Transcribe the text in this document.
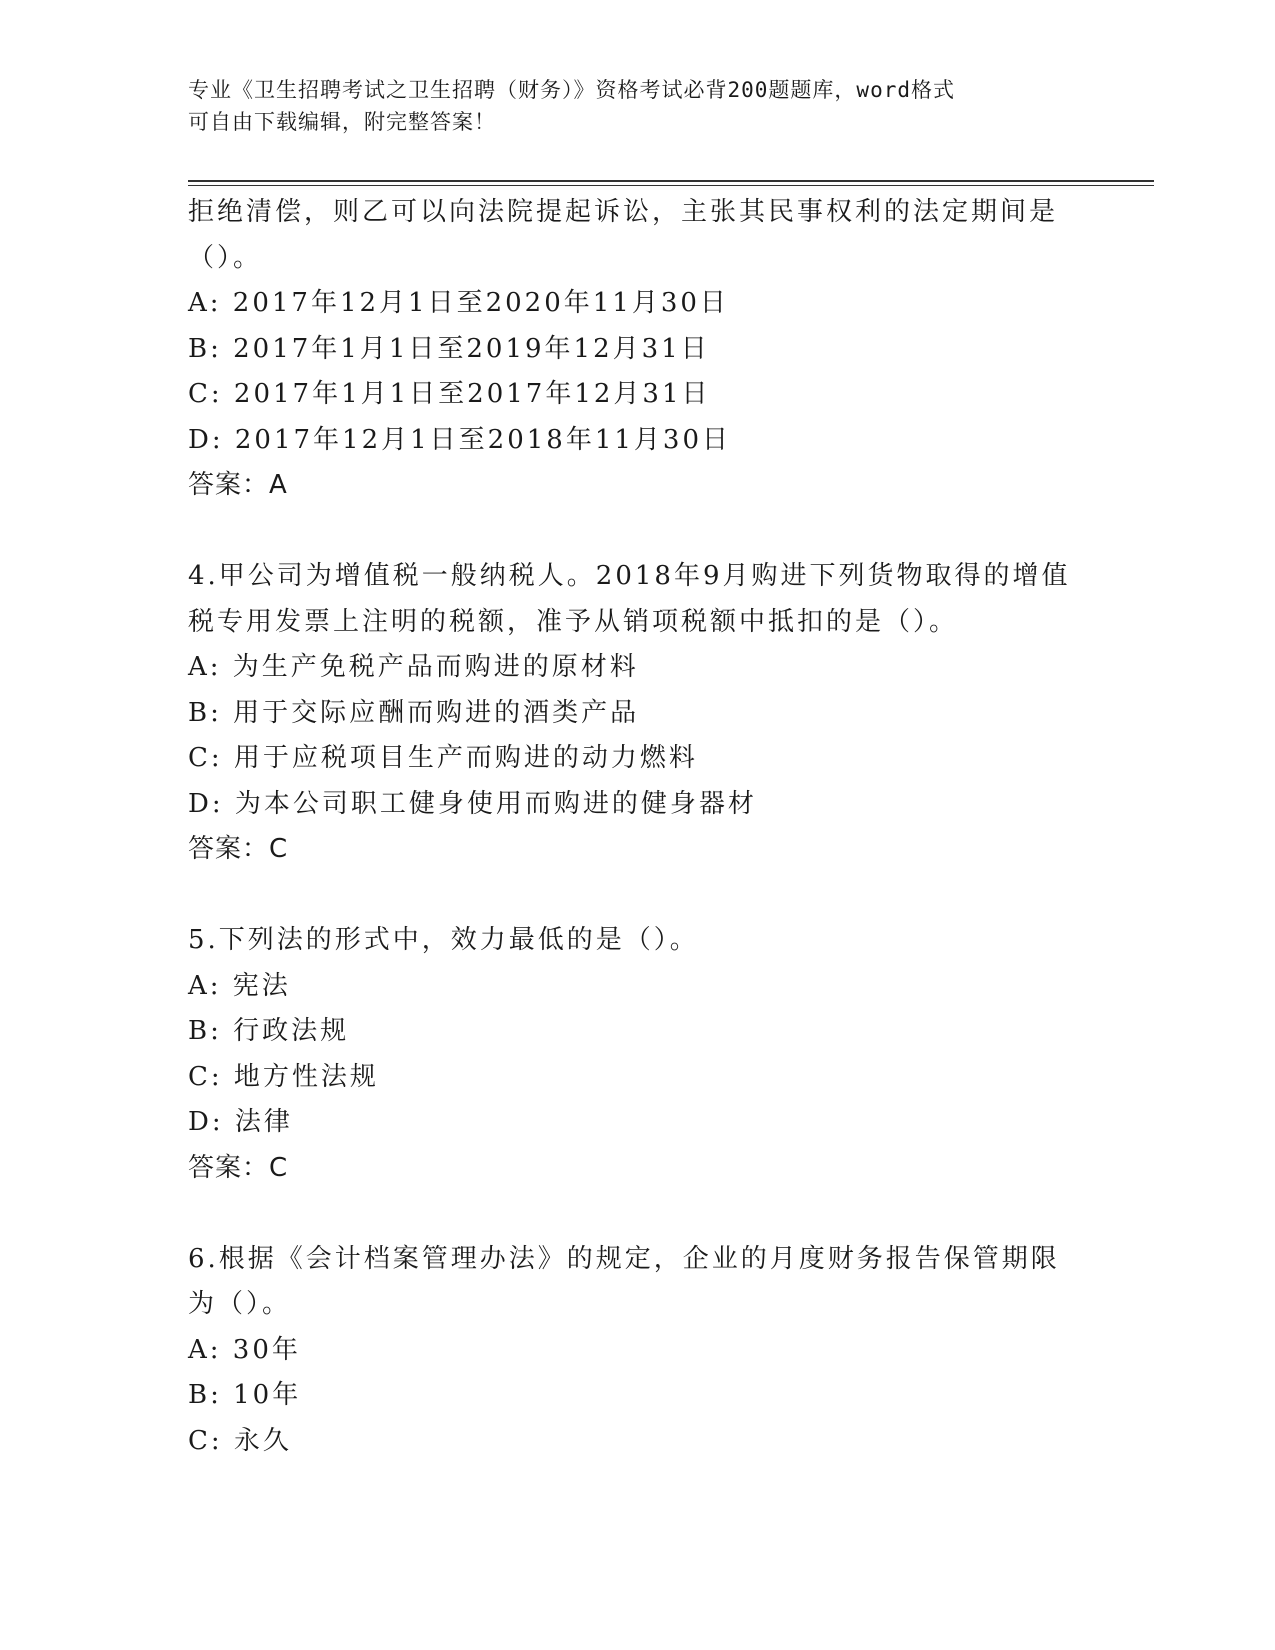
专业《卫生招聘考试之卫生招聘（财务）》资格考试必背200题题库，word格式
可自由下载编辑，附完整答案！
拒绝清偿，则乙可以向法院提起诉讼，主张其民事权利的法定期间是
（）。
A: 2017年12月1日至2020年11月30日
B: 2017年1月1日至2019年12月31日
C: 2017年1月1日至2017年12月31日
D: 2017年12月1日至2018年11月30日
答案：A
4.甲公司为增值税一般纳税人。2018年9月购进下列货物取得的增值
税专用发票上注明的税额，准予从销项税额中抵扣的是（）。
A: 为生产免税产品而购进的原材料
B: 用于交际应酬而购进的酒类产品
C: 用于应税项目生产而购进的动力燃料
D: 为本公司职工健身使用而购进的健身器材
答案：C
5.下列法的形式中，效力最低的是（）。
A: 宪法
B: 行政法规
C: 地方性法规
D: 法律
答案：C
6.根据《会计档案管理办法》的规定，企业的月度财务报告保管期限
为（）。
A: 30年
B: 10年
C: 永久
